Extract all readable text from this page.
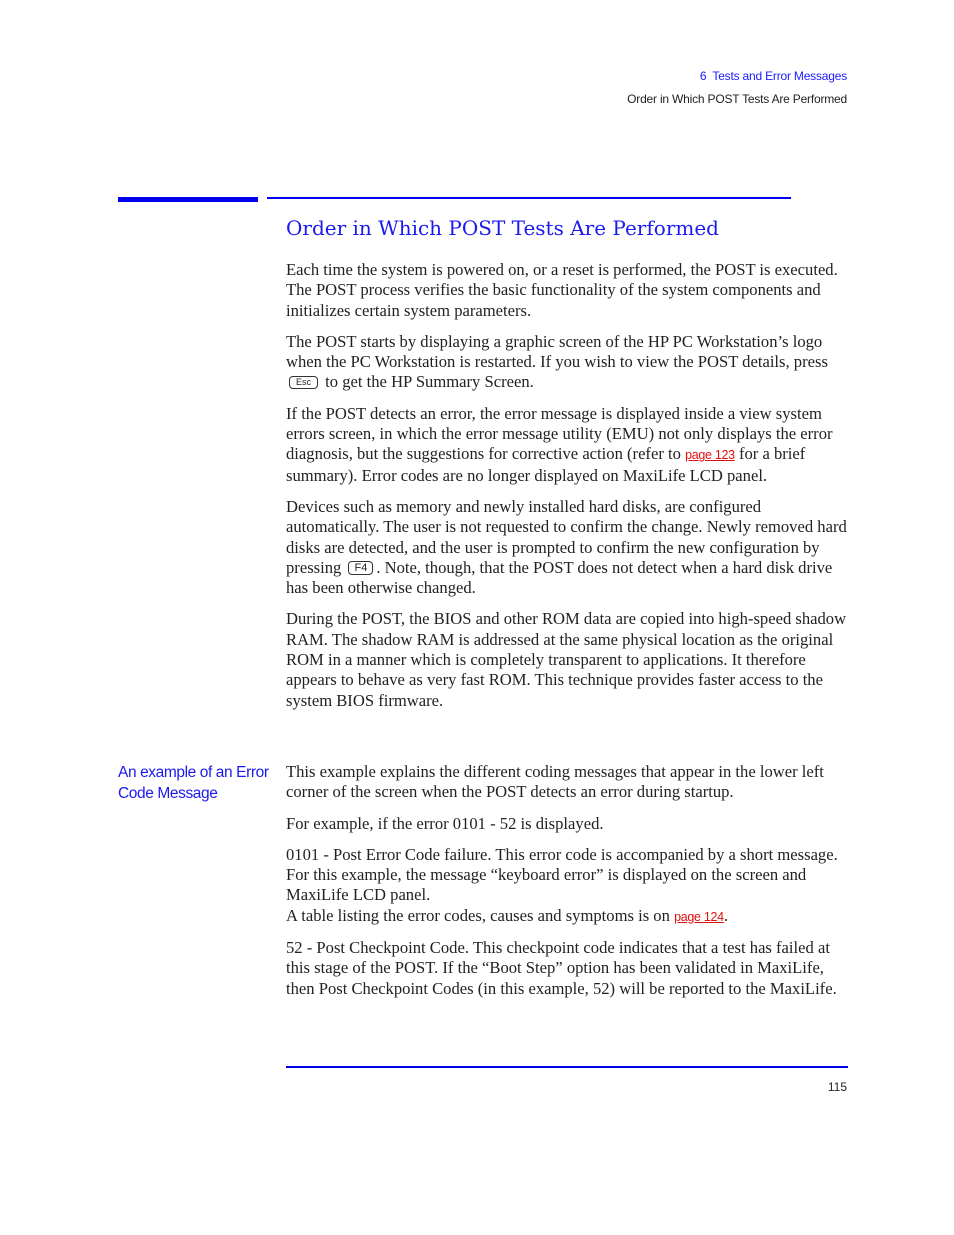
6 Tests and Error Messages
Order in Which POST Tests Are Performed
Order in Which POST Tests Are Performed

Each time the system is powered on, or a reset is performed, the POST is executed. The POST process verifies the basic functionality of the system components and initializes certain system parameters.

The POST starts by displaying a graphic screen of the HP PC Workstation’s logo when the PC Workstation is restarted. If you wish to view the POST details, press Esc to get the HP Summary Screen.

If the POST detects an error, the error message is displayed inside a view system errors screen, in which the error message utility (EMU) not only displays the error diagnosis, but the suggestions for corrective action (refer to page 123 for a brief summary). Error codes are no longer displayed on MaxiLife LCD panel.

Devices such as memory and newly installed hard disks, are configured automatically. The user is not requested to confirm the change. Newly removed hard disks are detected, and the user is prompted to confirm the new configuration by pressing F4 . Note, though, that the POST does not detect when a hard disk drive has been otherwise changed.

During the POST, the BIOS and other ROM data are copied into high-speed shadow RAM. The shadow RAM is addressed at the same physical location as the original ROM in a manner which is completely transparent to applications. It therefore appears to behave as very fast ROM. This technique provides faster access to the system BIOS firmware.

An example of an Error Code Message

This example explains the different coding messages that appear in the lower left corner of the screen when the POST detects an error during startup.

For example, if the error 0101 - 52 is displayed.

0101 - Post Error Code failure. This error code is accompanied by a short message. For this example, the message “keyboard error” is displayed on the screen and MaxiLife LCD panel.
A table listing the error codes, causes and symptoms is on page 124.

52 - Post Checkpoint Code. This checkpoint code indicates that a test has failed at this stage of the POST. If the “Boot Step” option has been validated in MaxiLife, then Post Checkpoint Codes (in this example, 52) will be reported to the MaxiLife.

115
